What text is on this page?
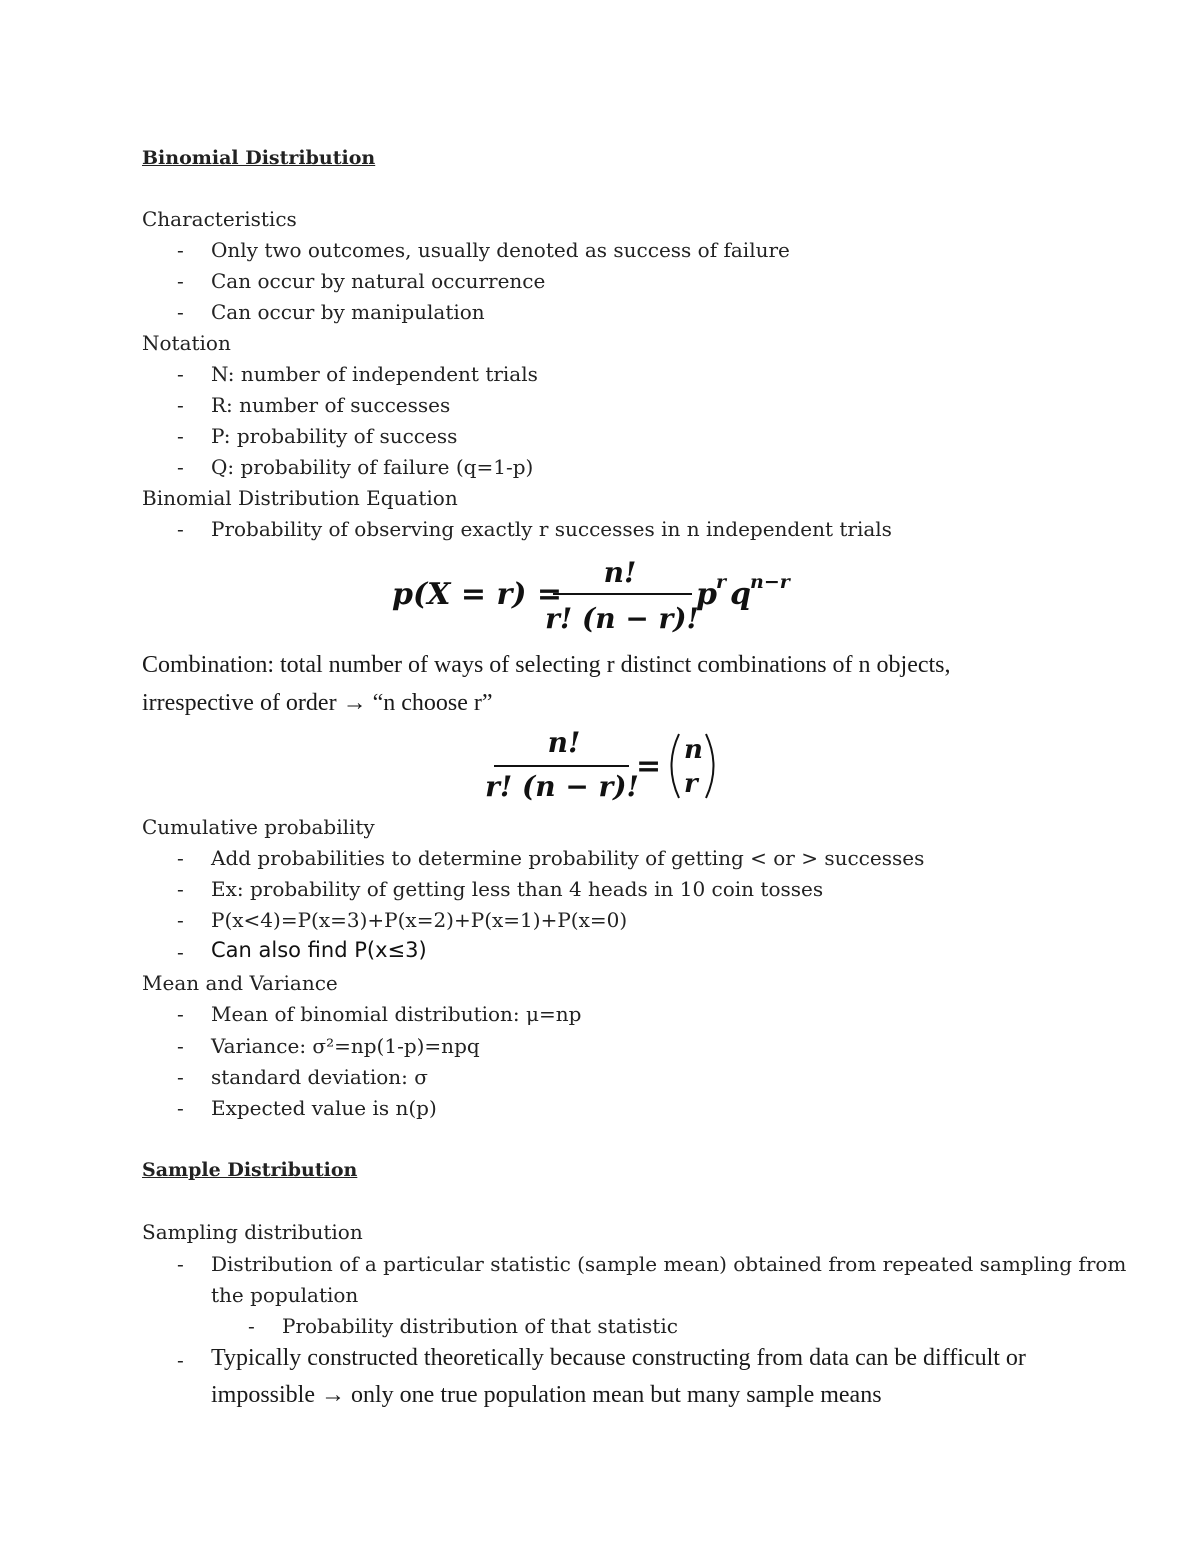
Binomial Distribution
Characteristics
- Only two outcomes, usually denoted as success of failure
- Can occur by natural occurrence
- Can occur by manipulation
Notation
- N: number of independent trials
- R: number of successes
- P: probability of success
- Q: probability of failure (q=1-p)
Binomial Distribution Equation
- Probability of observing exactly r successes in n independent trials
p(X = r) =
n!
r! (n − r)!
p r q n−r
Combination: total number of ways of selecting r distinct combinations of n objects,
irrespective of order → “n choose r”
n!
r! (n − r)!
= n
r
Cumulative probability
- Add probabilities to determine probability of getting < or > successes
- Ex: probability of getting less than 4 heads in 10 coin tosses
- P(x<4)=P(x=3)+P(x=2)+P(x=1)+P(x=0)
- Can also find P(x≤3)
Mean and Variance
- Mean of binomial distribution: μ=np
- Variance: σ²=np(1-p)=npq
- standard deviation: σ
- Expected value is n(p)
Sample Distribution
Sampling distribution
- Distribution of a particular statistic (sample mean) obtained from repeated sampling from
the population
- Probability distribution of that statistic
- Typically constructed theoretically because constructing from data can be difficult or
impossible → only one true population mean but many sample means
